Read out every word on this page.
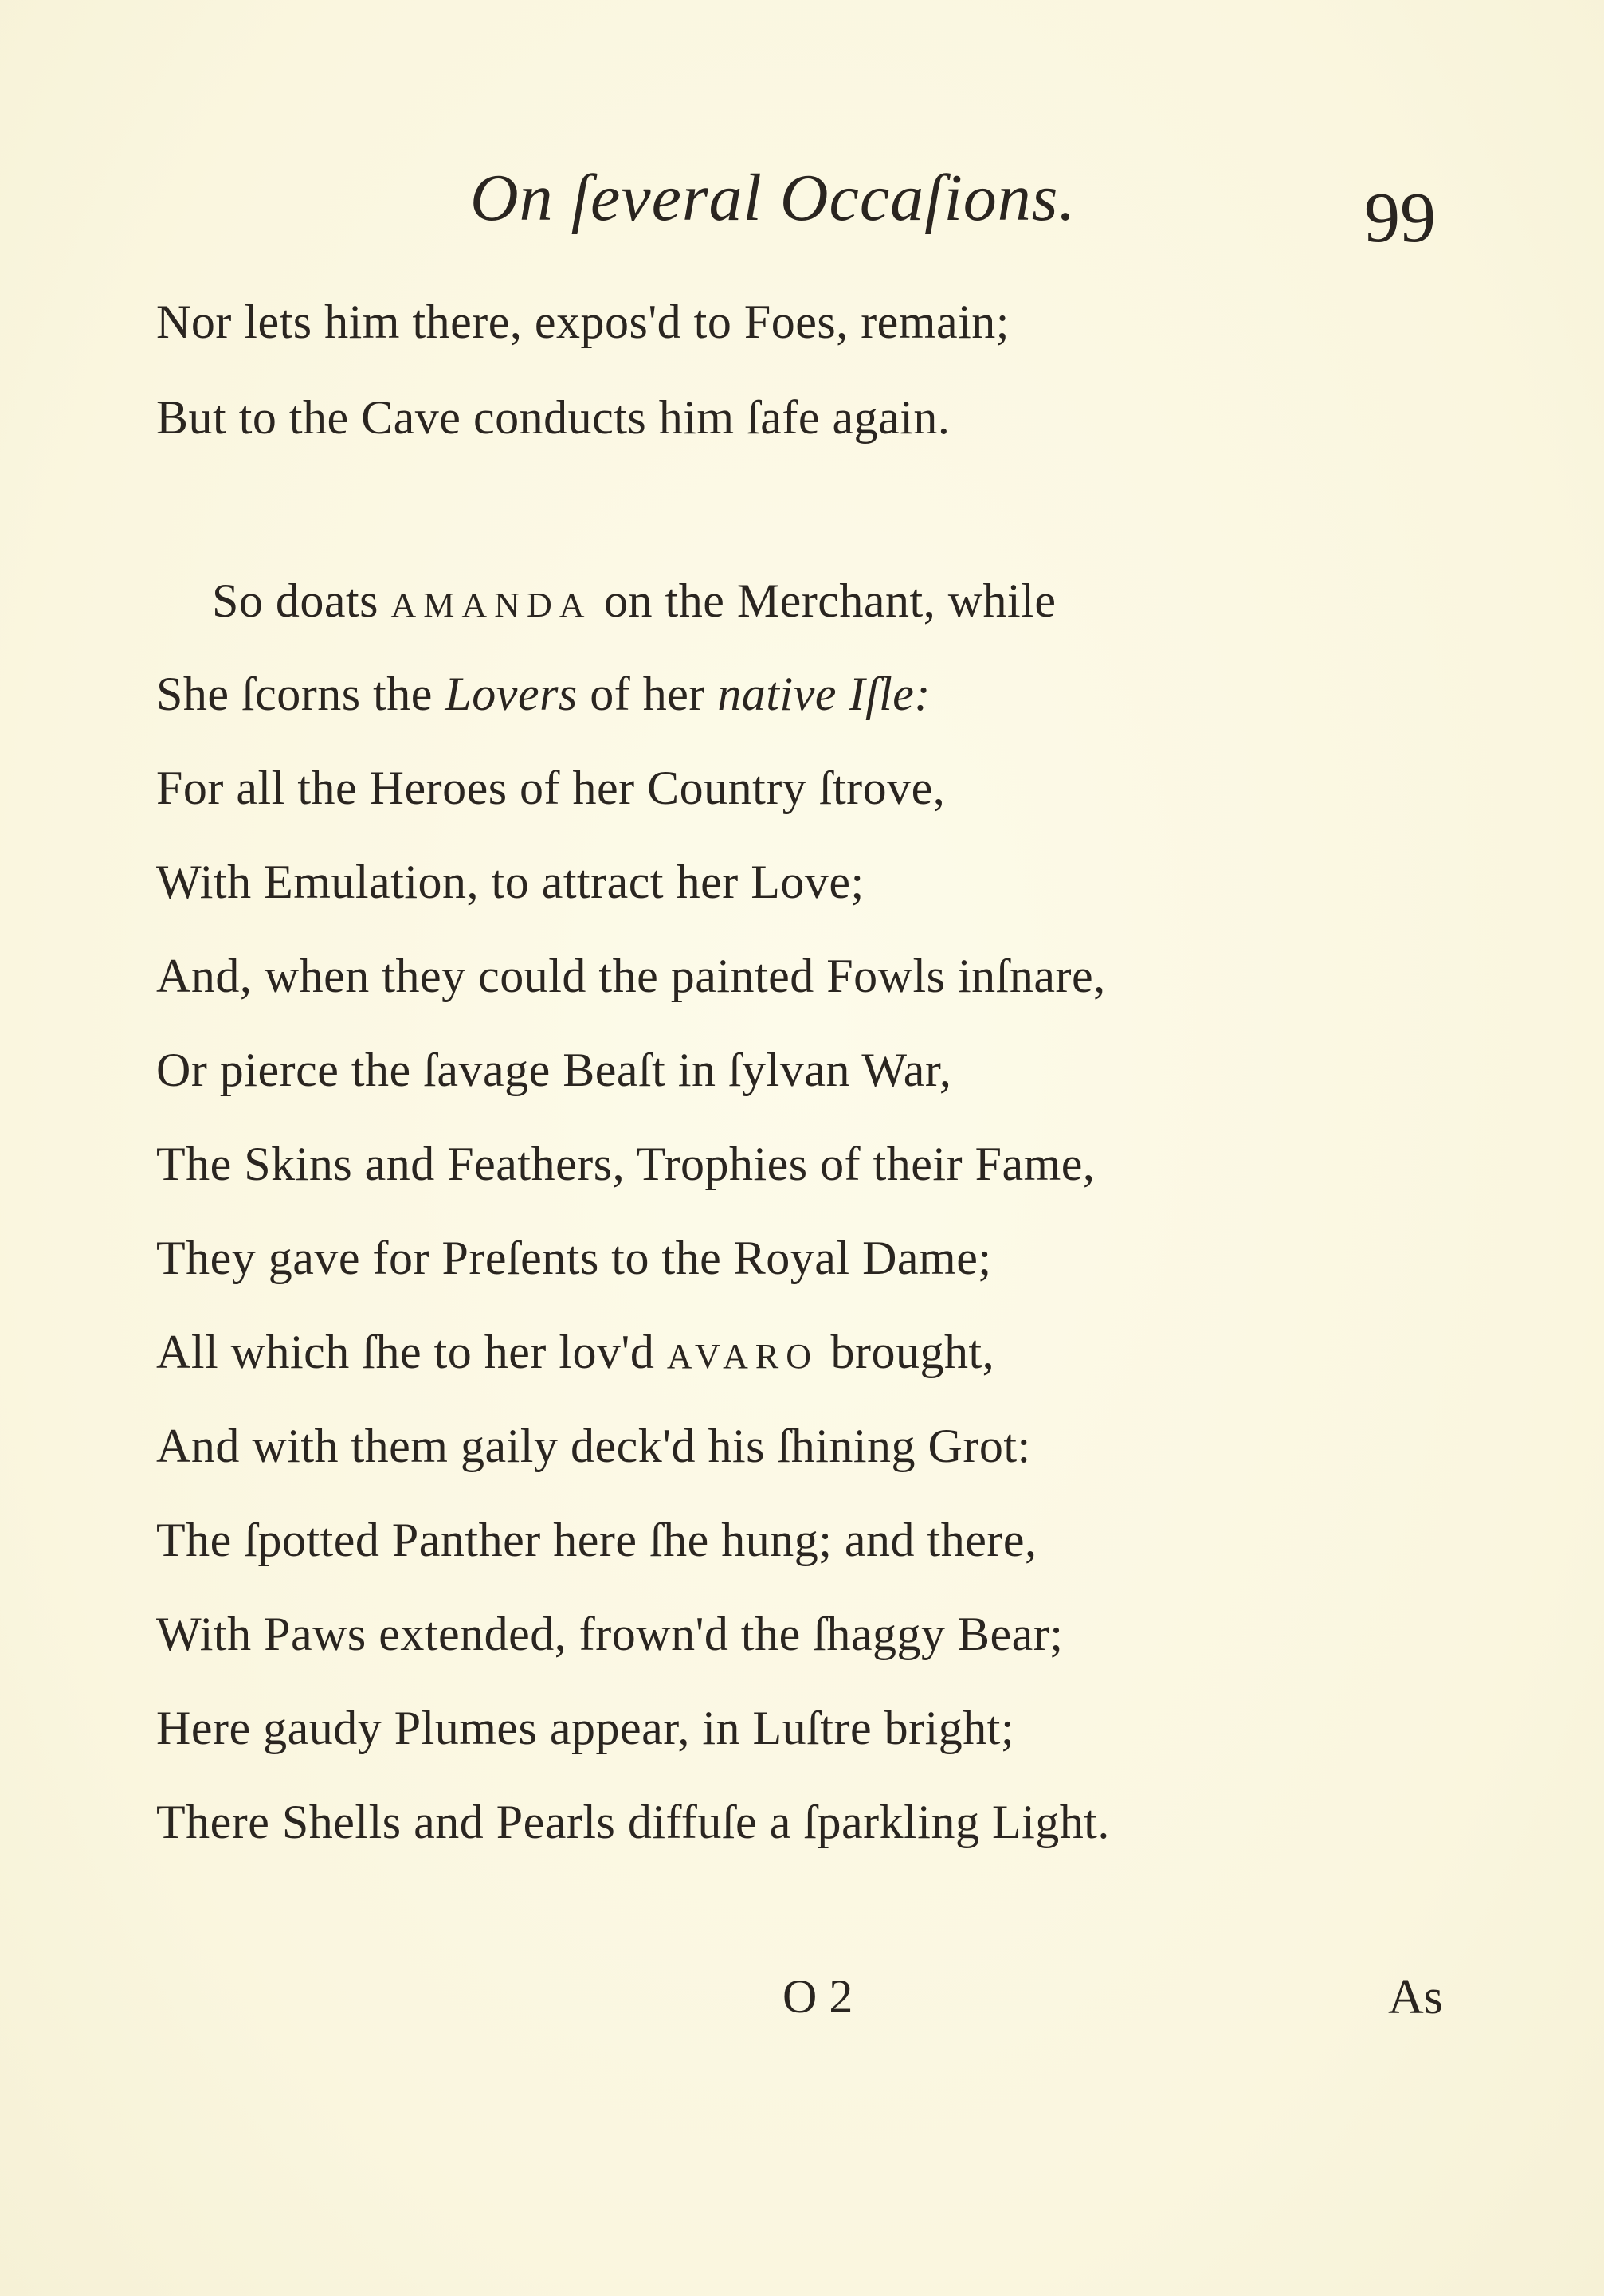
On ſeveral Occaſions.	99
Nor lets him there, expos'd to Foes, remain;
But to the Cave conducts him ſafe again.
So doats AMANDA on the Merchant, while
She ſcorns the Lovers of her native Iſle:
For all the Heroes of her Country ſtrove,
With Emulation, to attract her Love;
And, when they could the painted Fowls inſnare,
Or pierce the ſavage Beaſt in ſylvan War,
The Skins and Feathers, Trophies of their Fame,
They gave for Preſents to the Royal Dame;
All which ſhe to her lov'd AVARO brought,
And with them gaily deck'd his ſhining Grot:
The ſpotted Panther here ſhe hung; and there,
With Paws extended, frown'd the ſhaggy Bear;
Here gaudy Plumes appear, in Luſtre bright;
There Shells and Pearls diffuſe a ſparkling Light.
O 2	As
